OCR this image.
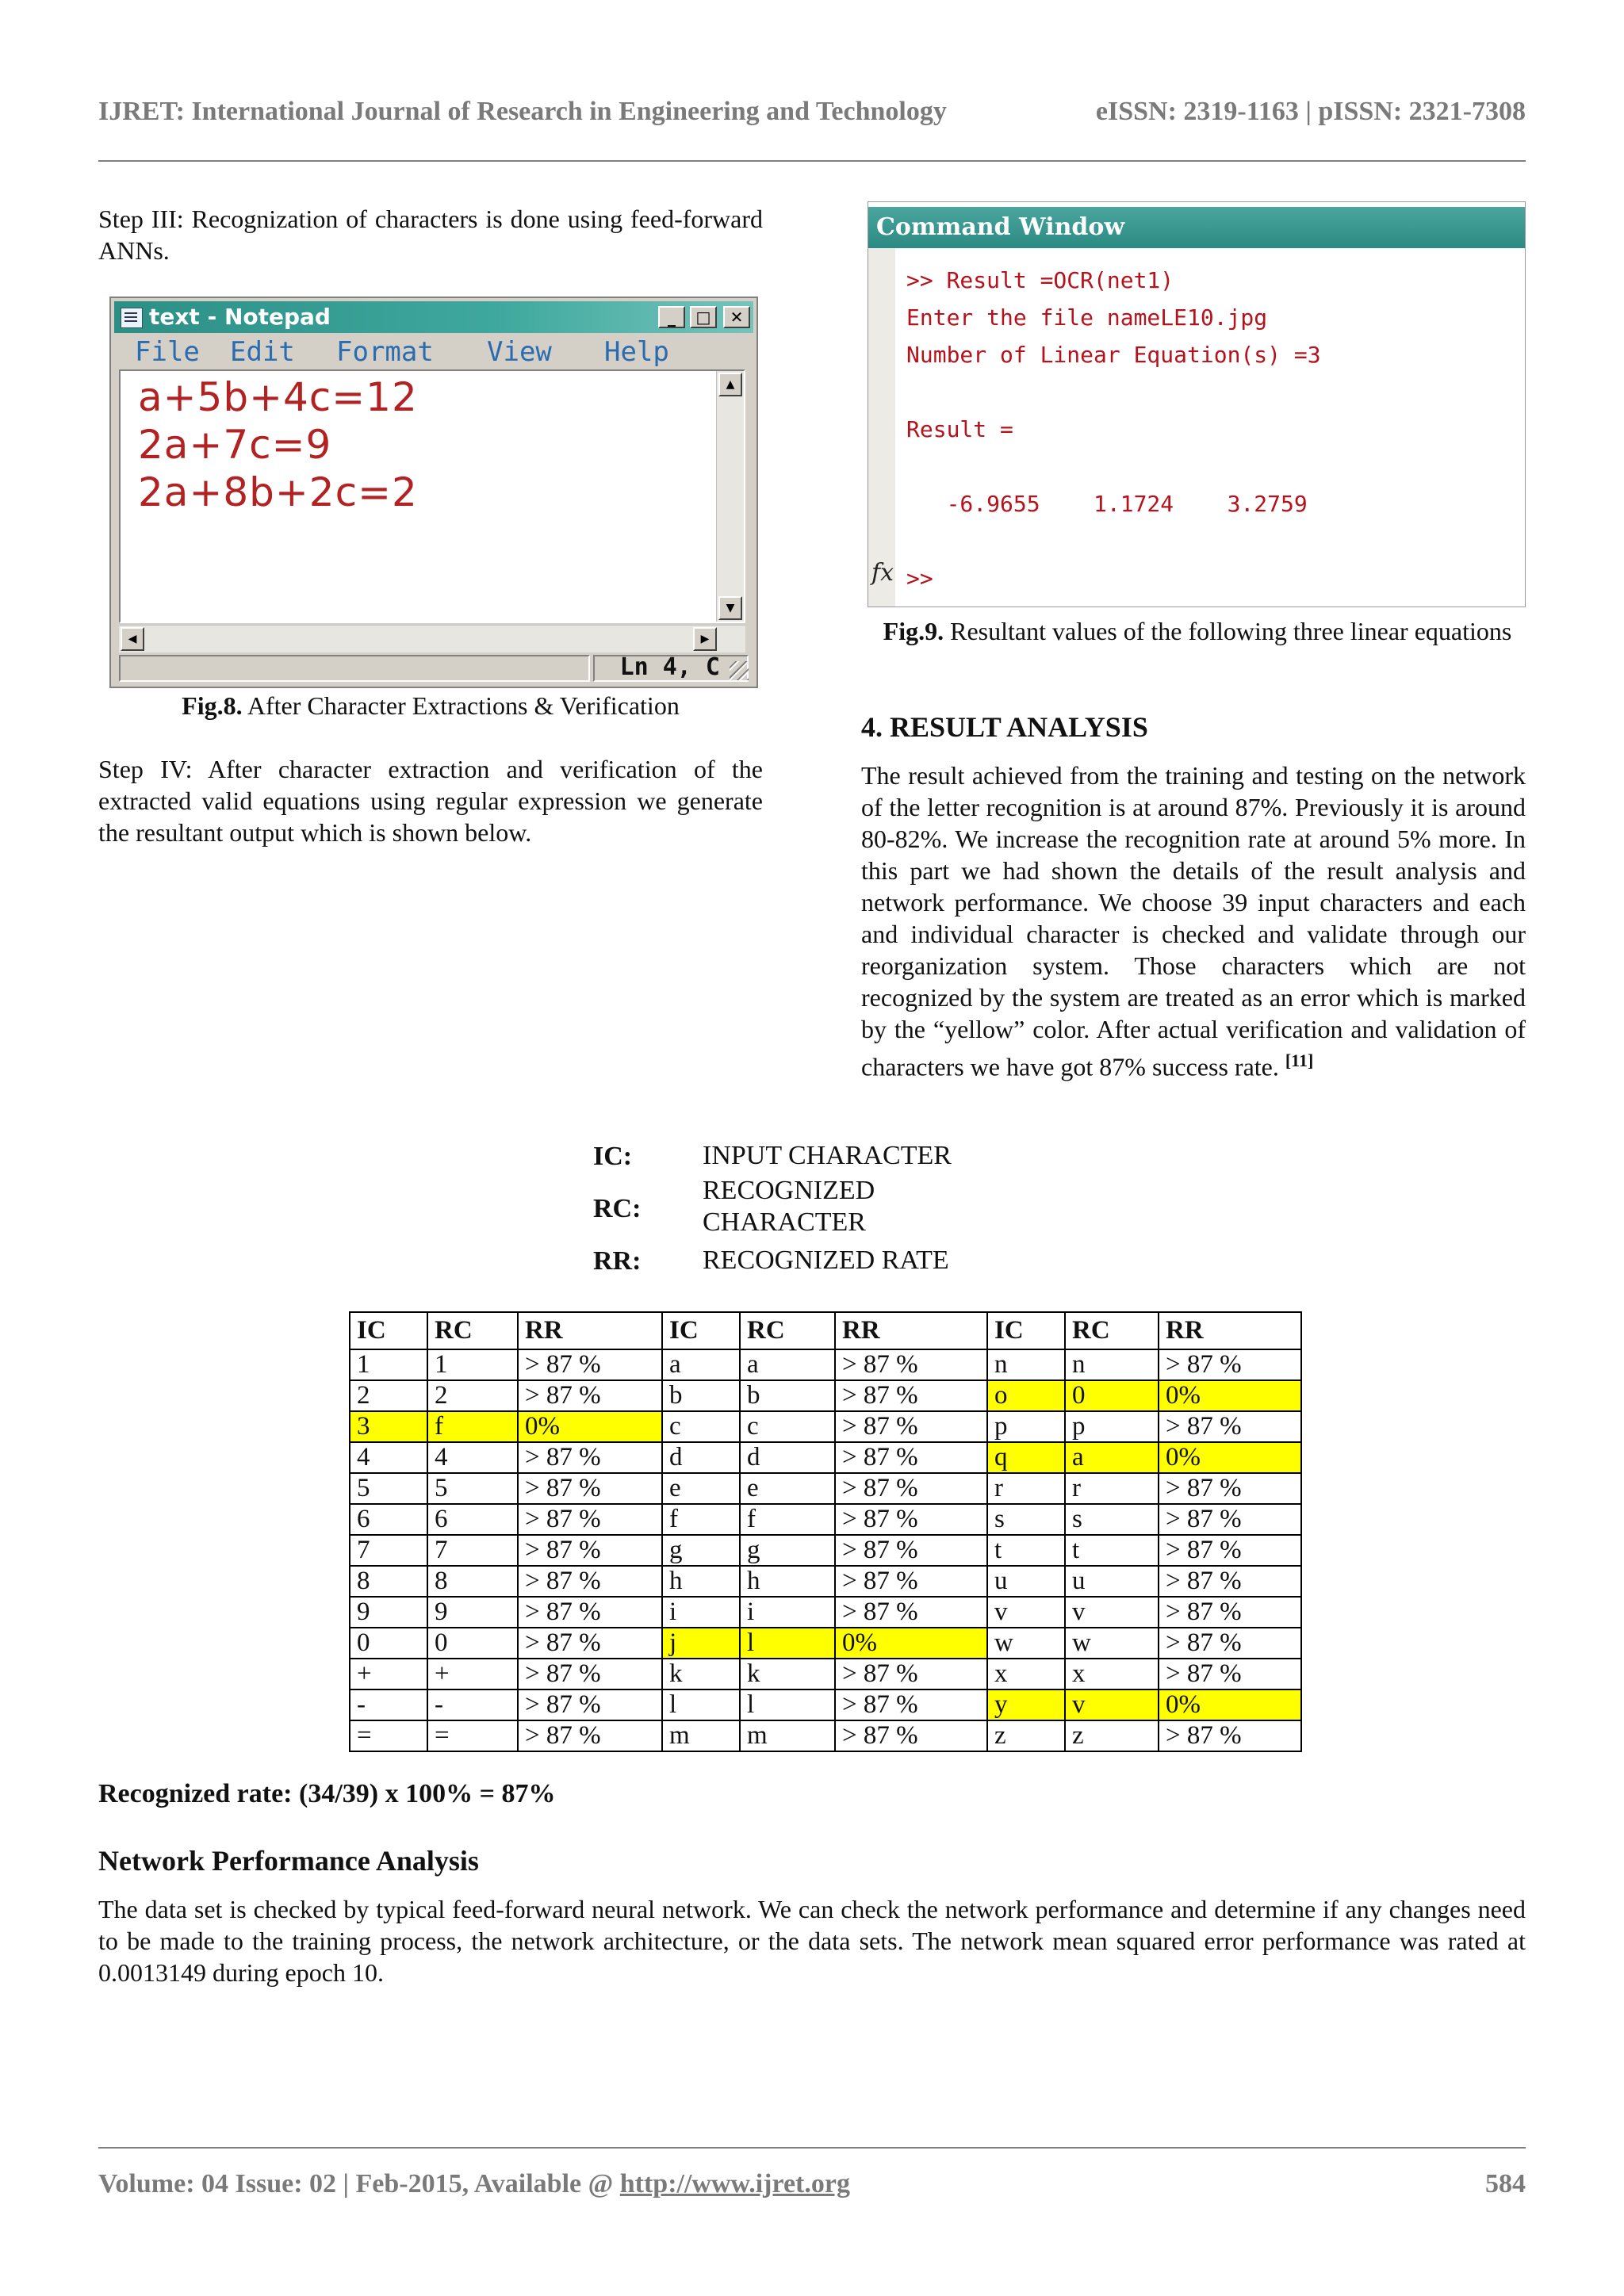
IJRET: International Journal of Research in Engineering and Technology	eISSN: 2319-1163 | pISSN: 2321-7308
Step III: Recognization of characters is done using feed-forward ANNs.
text - Notepad	_	□	✕
File Edit Format View Help
a+5b+4c=12
2a+7c=9
2a+8b+2c=2
▲
▼
◀	▶
Ln 4, C
Fig.8. After Character Extractions & Verification
Step IV: After character extraction and verification of the extracted valid equations using regular expression we generate the resultant output which is shown below.
Command Window
>> Result =OCR(net1)
Enter the file nameLE10.jpg
Number of Linear Equation(s) =3
Result =
-6.9655    1.1724    3.2759
>>
fx
Fig.9. Resultant values of the following three linear equations
4. RESULT ANALYSIS
The result achieved from the training and testing on the network of the letter recognition is at around 87%. Previously it is around 80-82%. We increase the recognition rate at around 5% more. In this part we had shown the details of the result analysis and network performance. We choose 39 input characters and each and individual character is checked and validate through our reorganization system. Those characters which are not recognized by the system are treated as an error which is marked by the “yellow” color. After actual verification and validation of characters we have got 87% success rate. [11]
IC:	INPUT CHARACTER
RC:
RECOGNIZED CHARACTER
RR: RECOGNIZED RATE
IC	RC	RR	IC	RC	RR	IC	RC	RR
1	1	> 87 %	a	a	> 87 %	n	n	> 87 %
2	2	> 87 %	b	b	> 87 %	o	0	0%
3	f	0%	c	c	> 87 %	p	p	> 87 %
4	4	> 87 %	d	d	> 87 %	q	a	0%
5	5	> 87 %	e	e	> 87 %	r	r	> 87 %
6	6	> 87 %	f	f	> 87 %	s	s	> 87 %
7	7	> 87 %	g	g	> 87 %	t	t	> 87 %
8	8	> 87 %	h	h	> 87 %	u	u	> 87 %
9	9	> 87 %	i	i	> 87 %	v	v	> 87 %
0	0	> 87 %	j	l	0%	w	w	> 87 %
+	+	> 87 %	k	k	> 87 %	x	x	> 87 %
-	-	> 87 %	l	l	> 87 %	y	v	0%
=	=	> 87 %	m	m	> 87 %	z	z	> 87 %
Recognized rate: (34/39) x 100% = 87%
Network Performance Analysis
The data set is checked by typical feed-forward neural network. We can check the network performance and determine if any changes need to be made to the training process, the network architecture, or the data sets. The network mean squared error performance was rated at 0.0013149 during epoch 10.
Volume: 04 Issue: 02 | Feb-2015, Available @ http://www.ijret.org	584
